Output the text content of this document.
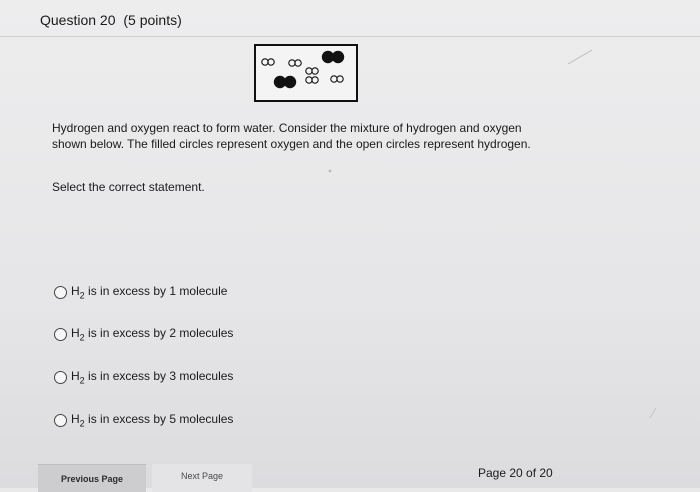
Question 20 (5 points)
Hydrogen and oxygen react to form water. Consider the mixture of hydrogen and oxygen shown below. The filled circles represent oxygen and the open circles represent hydrogen.
Select the correct statement.
$H_2$ is in excess by 1 molecule
$H_2$ is in excess by 2 molecules
$H_2$ is in excess by 3 molecules
$H_2$ is in excess by 5 molecules
Previous Page	Next Page	Page 20 of 20
